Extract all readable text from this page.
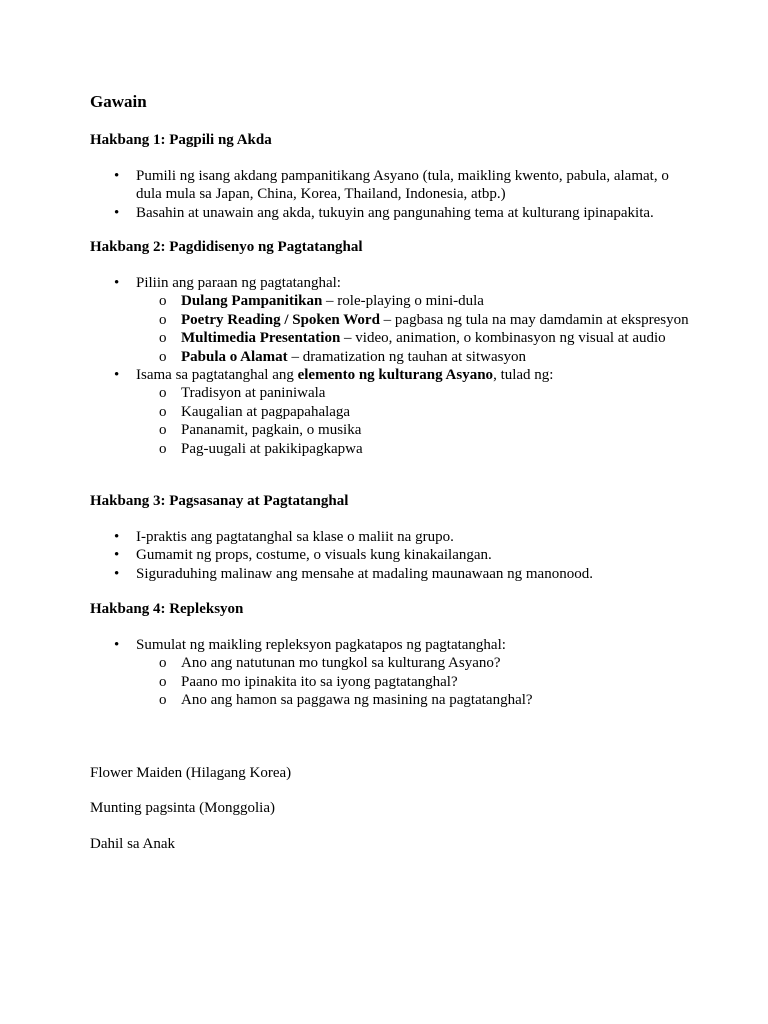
Gawain
Hakbang 1: Pagpili ng Akda
• Pumili ng isang akdang pampanitikang Asyano (tula, maikling kwento, pabula, alamat, o dula mula sa Japan, China, Korea, Thailand, Indonesia, atbp.)
• Basahin at unawain ang akda, tukuyin ang pangunahing tema at kulturang ipinapakita.
Hakbang 2: Pagdidisenyo ng Pagtatanghal
• Piliin ang paraan ng pagtatanghal:
o Dulang Pampanitikan – role-playing o mini-dula
o Poetry Reading / Spoken Word – pagbasa ng tula na may damdamin at ekspresyon
o Multimedia Presentation – video, animation, o kombinasyon ng visual at audio
o Pabula o Alamat – dramatization ng tauhan at sitwasyon
• Isama sa pagtatanghal ang elemento ng kulturang Asyano, tulad ng:
o Tradisyon at paniniwala
o Kaugalian at pagpapahalaga
o Pananamit, pagkain, o musika
o Pag-uugali at pakikipagkapwa
Hakbang 3: Pagsasanay at Pagtatanghal
• I-praktis ang pagtatanghal sa klase o maliit na grupo.
• Gumamit ng props, costume, o visuals kung kinakailangan.
• Siguraduhing malinaw ang mensahe at madaling maunawaan ng manonood.
Hakbang 4: Repleksyon
• Sumulat ng maikling repleksyon pagkatapos ng pagtatanghal:
o Ano ang natutunan mo tungkol sa kulturang Asyano?
o Paano mo ipinakita ito sa iyong pagtatanghal?
o Ano ang hamon sa paggawa ng masining na pagtatanghal?

Flower Maiden (Hilagang Korea)

Munting pagsinta (Monggolia)

Dahil sa Anak
